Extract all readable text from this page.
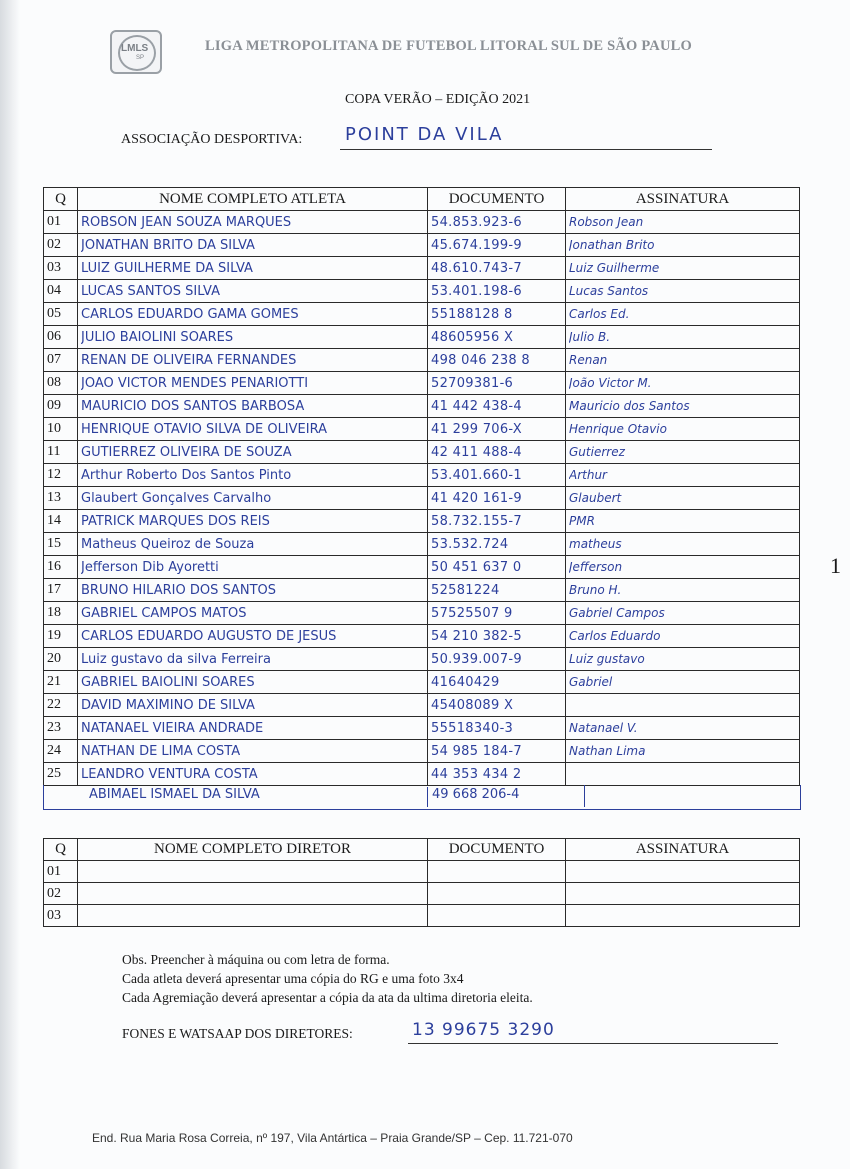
LMLS
SP
LIGA METROPOLITANA DE FUTEBOL LITORAL SUL DE SÃO PAULO
COPA VERÃO – EDIÇÃO 2021
ASSOCIAÇÃO DESPORTIVA: POINT DA VILA
Q	NOME COMPLETO ATLETA	DOCUMENTO	ASSINATURA
01	ROBSON JEAN SOUZA MARQUES	54.853.923-6	Robson Jean

02	JONATHAN BRITO DA SILVA	45.674.199-9	Jonathan Brito

03	LUIZ GUILHERME DA SILVA	48.610.743-7	Luiz Guilherme

04	LUCAS SANTOS SILVA	53.401.198-6	Lucas Santos

05	CARLOS EDUARDO GAMA GOMES	55188128 8	Carlos Ed.

06	JULIO BAIOLINI SOARES	48605956 X	Julio B.

07	RENAN DE OLIVEIRA FERNANDES	498 046 238 8	Renan

08	JOÃO VICTOR MENDES PENARIOTTI	52709381-6	João Victor M.

09	MAURICIO DOS SANTOS BARBOSA	41 442 438-4	Mauricio dos Santos

10	HENRIQUE OTAVIO SILVA DE OLIVEIRA	41 299 706-X	Henrique Otavio

11	GUTIERREZ OLIVEIRA DE SOUZA	42 411 488-4	Gutierrez

12	Arthur Roberto Dos Santos Pinto	53.401.660-1	Arthur

13	Glaubert Gonçalves Carvalho	41 420 161-9	Glaubert

14	PATRICK MARQUES DOS REIS	58.732.155-7	PMR

15	Matheus Queiroz de Souza	53.532.724	matheus

16	Jefferson Dib Ayoretti	50 451 637 0	Jefferson

17	BRUNO HILARIO DOS SANTOS	52581224	Bruno H.

18	GABRIEL CAMPOS MATOS	57525507 9	Gabriel Campos

19	CARLOS EDUARDO AUGUSTO DE JESUS	54 210 382-5	Carlos Eduardo

20	Luiz gustavo da silva Ferreira	50.939.007-9	Luiz gustavo

21	GABRIEL BAIOLINI SOARES	41640429	Gabriel

22	DAVID MAXIMINO DE SILVA	45408089 X	

23	NATANAEL VIEIRA ANDRADE	55518340-3	Natanael V.

24	NATHAN DE LIMA COSTA	54 985 184-7	Nathan Lima

25	LEANDRO VENTURA COSTA	44 353 434 2	

ABIMAEL ISMAEL DA SILVA	49 668 206-4
1
Q	NOME COMPLETO DIRETOR	DOCUMENTO	ASSINATURA
01			
02			
03			
Obs. Preencher à máquina ou com letra de forma.
Cada atleta deverá apresentar uma cópia do RG e uma foto 3x4
Cada Agremiação deverá apresentar a cópia da ata da ultima diretoria eleita.
FONES E WATSAAP DOS DIRETORES:	13 99675 3290
End. Rua Maria Rosa Correia, nº 197, Vila Antártica – Praia Grande/SP – Cep. 11.721-070
